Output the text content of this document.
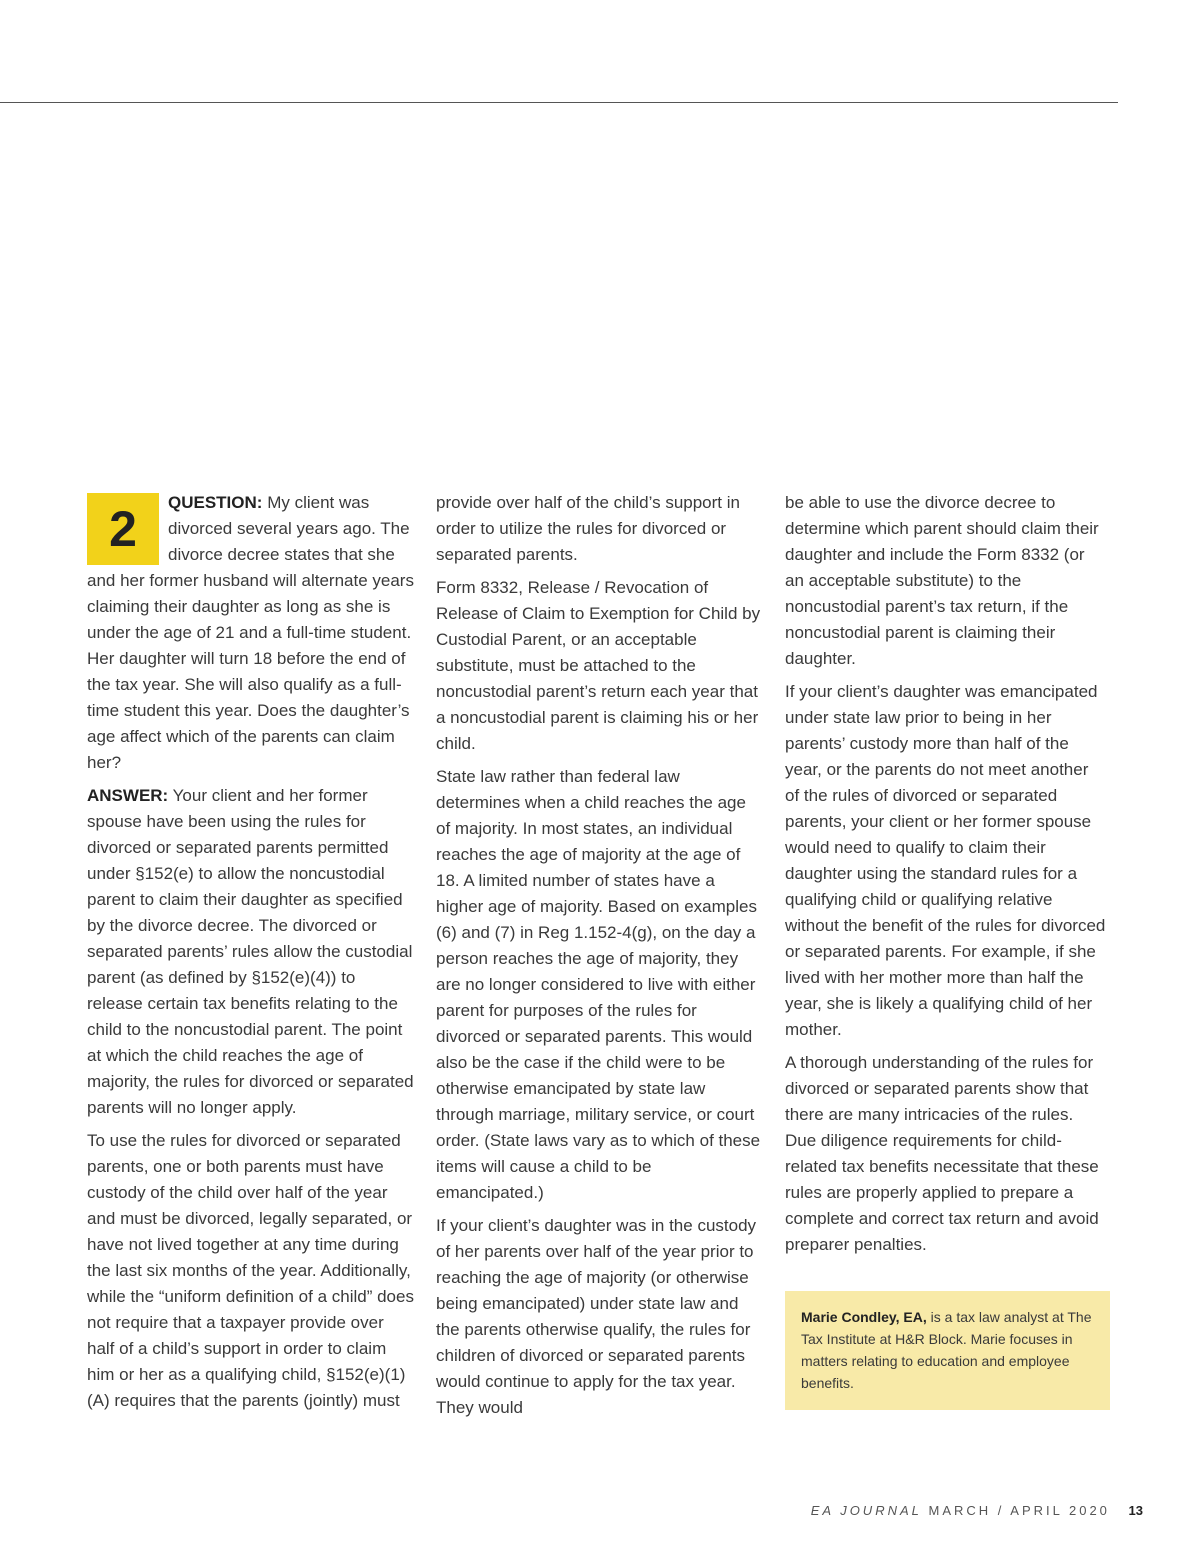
2	QUESTION: My client was divorced several years ago. The divorce decree states that she and her former husband will alternate years claiming their daughter as long as she is under the age of 21 and a full-time student. Her daughter will turn 18 before the end of the tax year. She will also qualify as a full-time student this year. Does the daughter’s age affect which of the parents can claim her?

ANSWER: Your client and her former spouse have been using the rules for divorced or separated parents permitted under §152(e) to allow the noncustodial parent to claim their daughter as specified by the divorce decree. The divorced or separated parents’ rules allow the custodial parent (as defined by §152(e)(4)) to release certain tax benefits relating to the child to the noncustodial parent. The point at which the child reaches the age of majority, the rules for divorced or separated parents will no longer apply.

To use the rules for divorced or separated parents, one or both parents must have custody of the child over half of the year and must be divorced, legally separated, or have not lived together at any time during the last six months of the year. Additionally, while the “uniform definition of a child” does not require that a taxpayer provide over half of a child’s support in order to claim him or her as a qualifying child, §152(e)(1)(A) requires that the parents (jointly) must

provide over half of the child’s support in order to utilize the rules for divorced or separated parents.

Form 8332, Release / Revocation of Release of Claim to Exemption for Child by Custodial Parent, or an acceptable substitute, must be attached to the noncustodial parent’s return each year that a noncustodial parent is claiming his or her child.

State law rather than federal law determines when a child reaches the age of majority. In most states, an individual reaches the age of majority at the age of 18. A limited number of states have a higher age of majority. Based on examples (6) and (7) in Reg 1.152-4(g), on the day a person reaches the age of majority, they are no longer considered to live with either parent for purposes of the rules for divorced or separated parents. This would also be the case if the child were to be otherwise emancipated by state law through marriage, military service, or court order. (State laws vary as to which of these items will cause a child to be emancipated.)

If your client’s daughter was in the custody of her parents over half of the year prior to reaching the age of majority (or otherwise being emancipated) under state law and the parents otherwise qualify, the rules for children of divorced or separated parents would continue to apply for the tax year. They would

be able to use the divorce decree to determine which parent should claim their daughter and include the Form 8332 (or an acceptable substitute) to the noncustodial parent’s tax return, if the noncustodial parent is claiming their daughter.

If your client’s daughter was emancipated under state law prior to being in her parents’ custody more than half of the year, or the parents do not meet another of the rules of divorced or separated parents, your client or her former spouse would need to qualify to claim their daughter using the standard rules for a qualifying child or qualifying relative without the benefit of the rules for divorced or separated parents. For example, if she lived with her mother more than half the year, she is likely a qualifying child of her mother.

A thorough understanding of the rules for divorced or separated parents show that there are many intricacies of the rules. Due diligence requirements for child-related tax benefits necessitate that these rules are properly applied to prepare a complete and correct tax return and avoid preparer penalties.

Marie Condley, EA, is a tax law analyst at The Tax Institute at H&R Block. Marie focuses in matters relating to education and employee benefits.
EA JOURNAL MARCH / APRIL 2020 13
